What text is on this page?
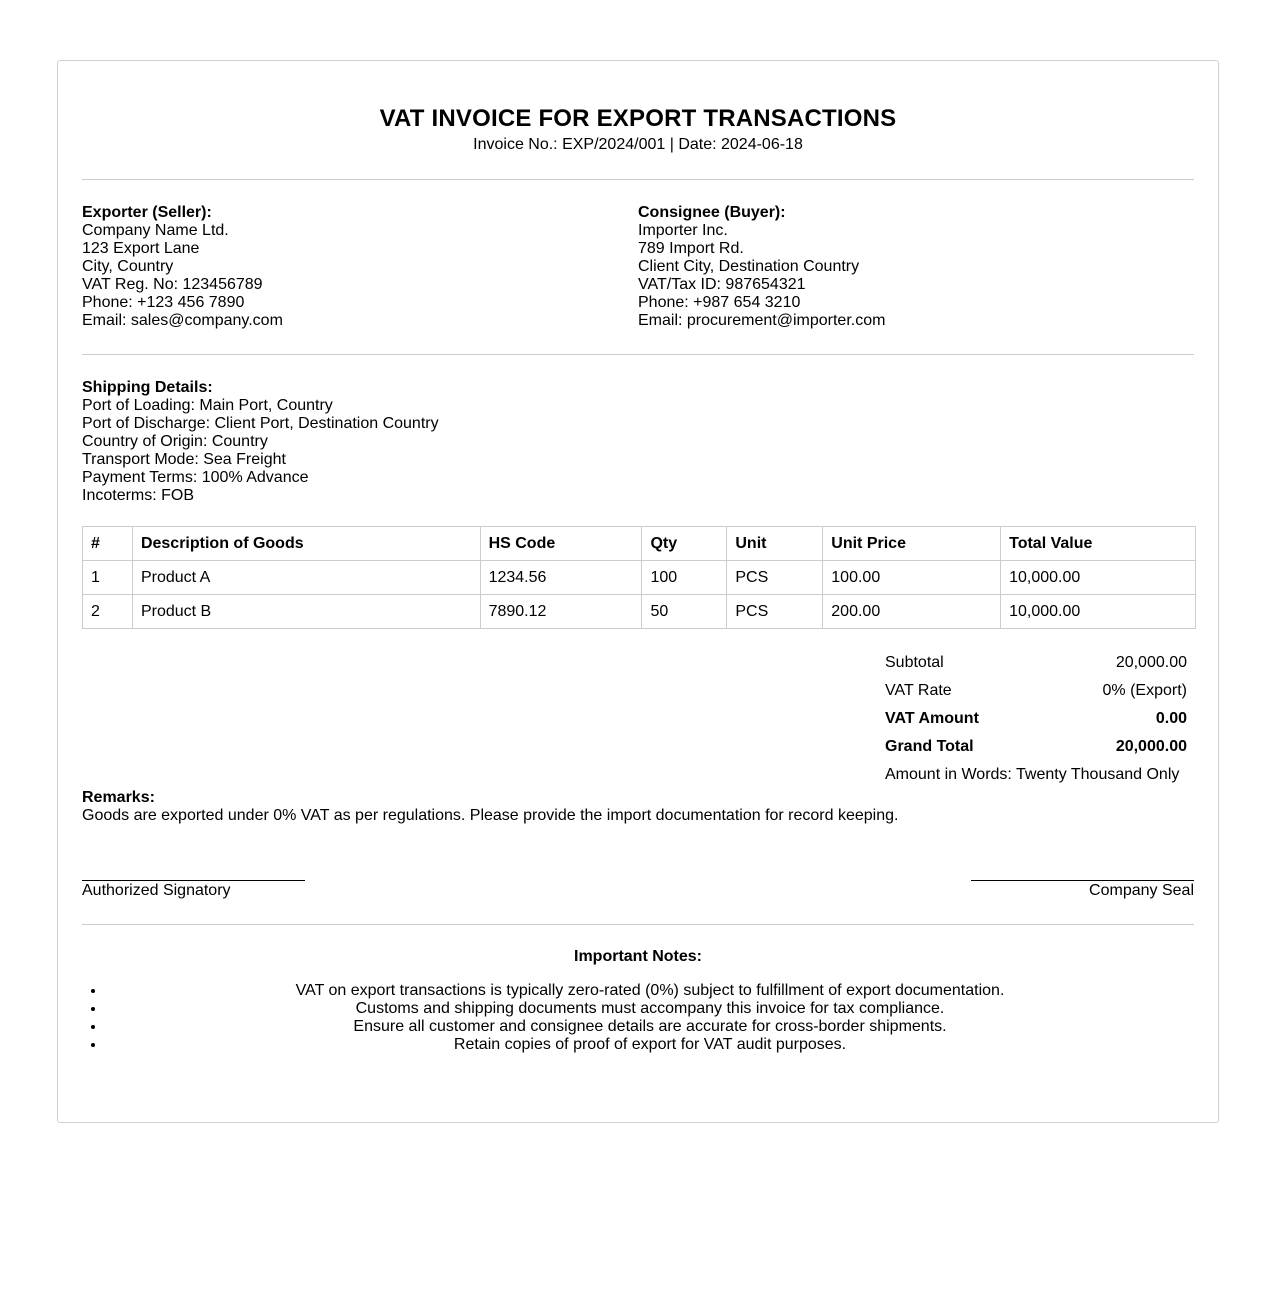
VAT INVOICE FOR EXPORT TRANSACTIONS
Invoice No.: EXP/2024/001 | Date: 2024-06-18
Exporter (Seller):
Company Name Ltd.
123 Export Lane
City, Country
VAT Reg. No: 123456789
Phone: +123 456 7890
Email: sales@company.com
Consignee (Buyer):
Importer Inc.
789 Import Rd.
Client City, Destination Country
VAT/Tax ID: 987654321
Phone: +987 654 3210
Email: procurement@importer.com
Shipping Details:
Port of Loading: Main Port, Country
Port of Discharge: Client Port, Destination Country
Country of Origin: Country
Transport Mode: Sea Freight
Payment Terms: 100% Advance
Incoterms: FOB
#	Description of Goods	HS Code	Qty	Unit	Unit Price	Total Value
1	Product A	1234.56	100	PCS	100.00	10,000.00
2	Product B	7890.12	50	PCS	200.00	10,000.00
Subtotal	20,000.00
VAT Rate	0% (Export)
VAT Amount	0.00
Grand Total	20,000.00
Amount in Words: Twenty Thousand Only
Remarks:
Goods are exported under 0% VAT as per regulations. Please provide the import documentation for record keeping.
Authorized Signatory	Company Seal
Important Notes:
• VAT on export transactions is typically zero-rated (0%) subject to fulfillment of export documentation.
• Customs and shipping documents must accompany this invoice for tax compliance.
• Ensure all customer and consignee details are accurate for cross-border shipments.
• Retain copies of proof of export for VAT audit purposes.
